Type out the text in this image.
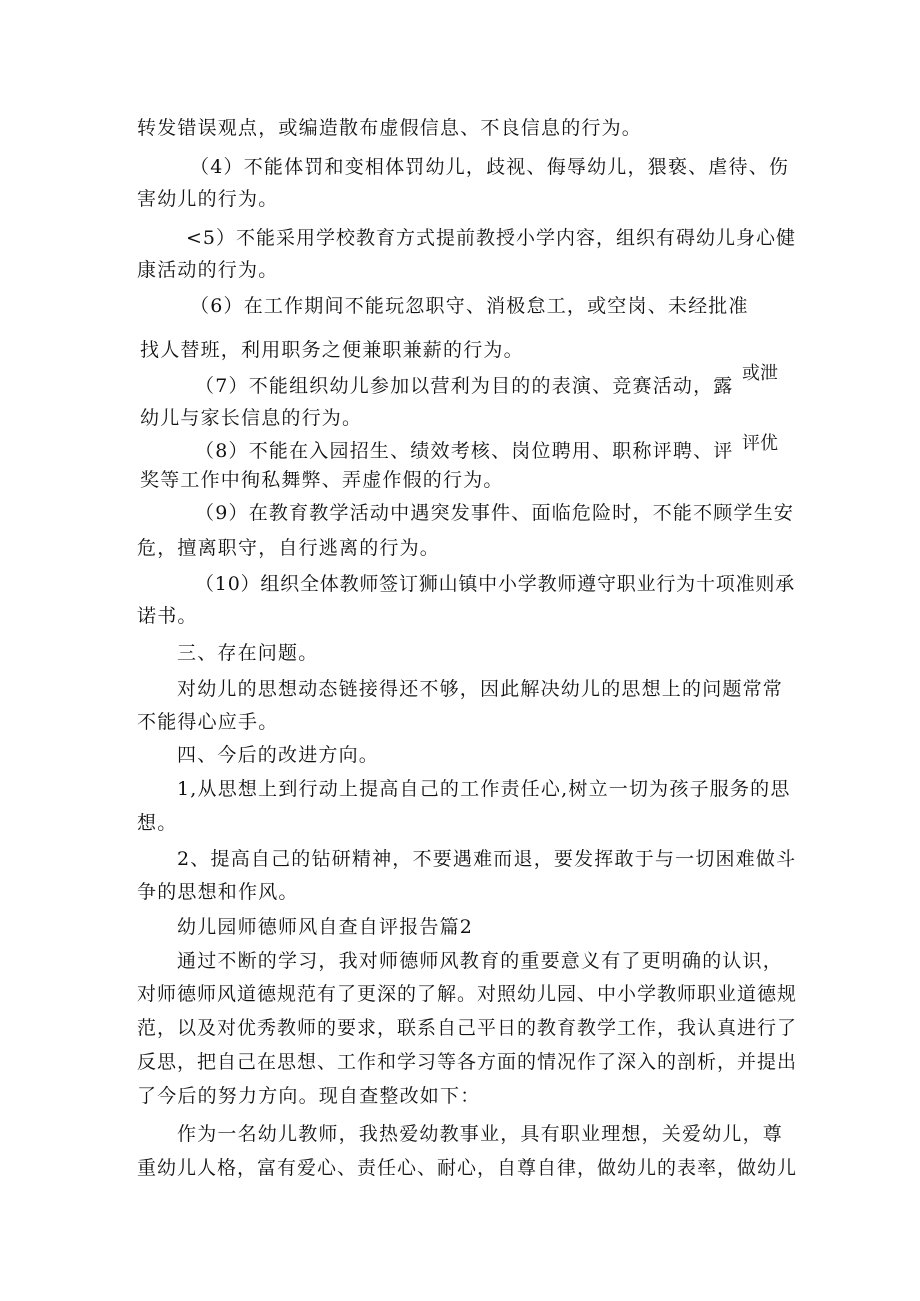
转发错误观点，或编造散布虚假信息、不良信息的行为。
（4）不能体罚和变相体罚幼儿，歧视、侮辱幼儿，猥亵、虐待、伤
害幼儿的行为。
<5）不能采用学校教育方式提前教授小学内容，组织有碍幼儿身心健
康活动的行为。
（6）在工作期间不能玩忽职守、消极怠工，或空岗、未经批准
找人替班，利用职务之便兼职兼薪的行为。
（7）不能组织幼儿参加以营利为目的的表演、竞赛活动，露
或泄
幼儿与家长信息的行为。
（8）不能在入园招生、绩效考核、岗位聘用、职称评聘、评 评优
奖等工作中徇私舞弊、弄虚作假的行为。
（9）在教育教学活动中遇突发事件、面临危险时，不能不顾学生安
危，擅离职守，自行逃离的行为。
（10）组织全体教师签订狮山镇中小学教师遵守职业行为十项准则承
诺书。
三、存在问题。
对幼儿的思想动态链接得还不够，因此解决幼儿的思想上的问题常常
不能得心应手。
四、今后的改进方向。
1,从思想上到行动上提高自己的工作责任心,树立一切为孩子服务的思
想。
2、提高自己的钻研精神，不要遇难而退，要发挥敢于与一切困难做斗
争的思想和作风。
幼儿园师德师风自查自评报告篇2
通过不断的学习，我对师德师风教育的重要意义有了更明确的认识，
对师德师风道德规范有了更深的了解。对照幼儿园、中小学教师职业道德规
范，以及对优秀教师的要求，联系自己平日的教育教学工作，我认真进行了
反思，把自己在思想、工作和学习等各方面的情况作了深入的剖析，并提出
了今后的努力方向。现自查整改如下：
作为一名幼儿教师，我热爱幼教事业，具有职业理想，关爱幼儿，尊
重幼儿人格，富有爱心、责任心、耐心，自尊自律，做幼儿的表率，做幼儿
